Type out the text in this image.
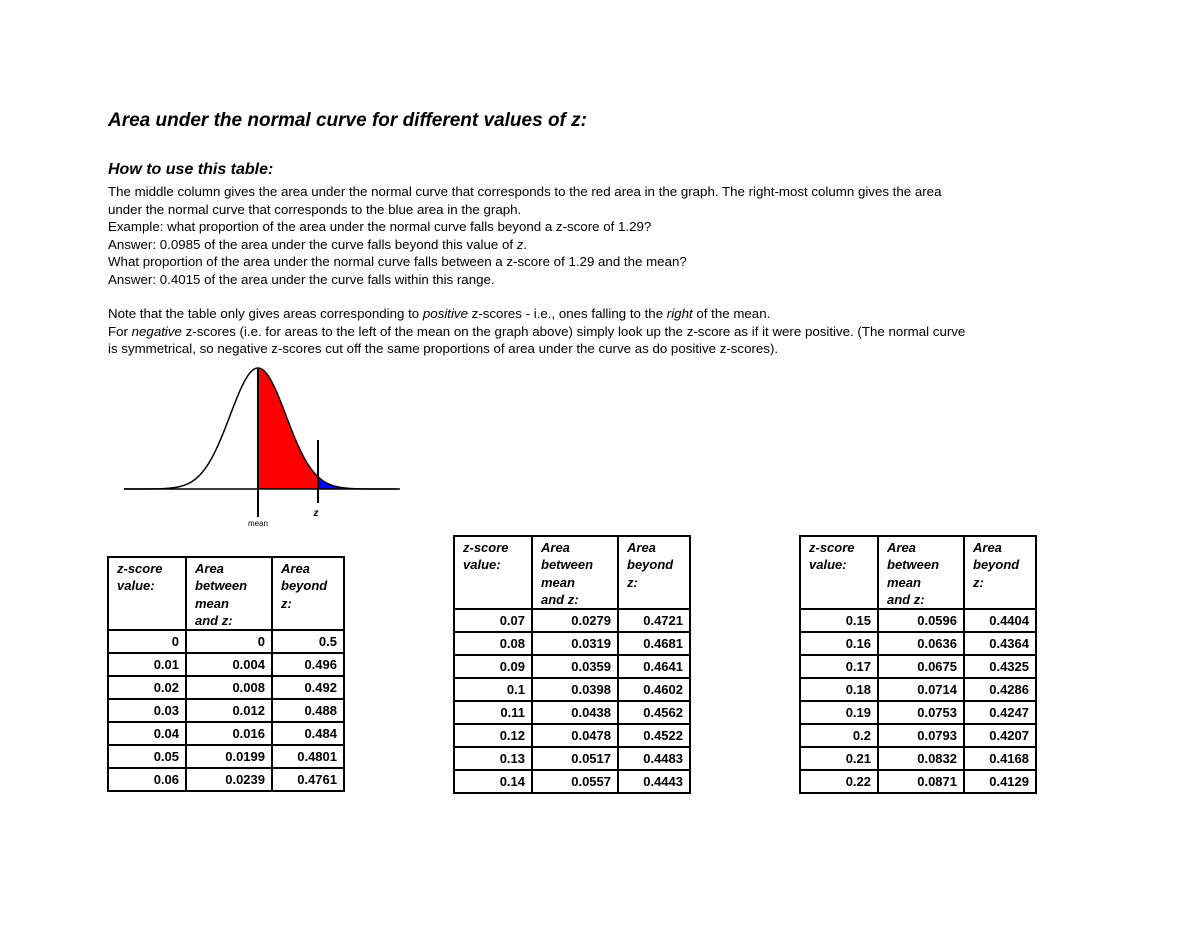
Area under the normal curve for different values of z:
How to use this table:
The middle column gives the area under the normal curve that corresponds to the red area in the graph. The right-most column gives the area
under the normal curve that corresponds to the blue area in the graph.
Example: what proportion of the area under the normal curve falls beyond a z-score of 1.29?
Answer: 0.0985 of the area under the curve falls beyond this value of z.
What proportion of the area under the normal curve falls between a z-score of 1.29 and the mean?
Answer: 0.4015 of the area under the curve falls within this range.
Note that the table only gives areas corresponding to positive z-scores - i.e., ones falling to the right of the mean.
For negative z-scores (i.e. for areas to the left of the mean on the graph above) simply look up the z-score as if it were positive. (The normal curve
is symmetrical, so negative z-scores cut off the same proportions of area under the curve as do positive z-scores).
mean
z
z-score
value:	Area
between
mean
and z:	Area
beyond
z:
0	0	0.5
0.01	0.004	0.496
0.02	0.008	0.492
0.03	0.012	0.488
0.04	0.016	0.484
0.05	0.0199	0.4801
0.06	0.0239	0.4761
z-score
value:	Area
between
mean
and z:	Area
beyond
z:
0.07	0.0279	0.4721
0.08	0.0319	0.4681
0.09	0.0359	0.4641
0.1	0.0398	0.4602
0.11	0.0438	0.4562
0.12	0.0478	0.4522
0.13	0.0517	0.4483
0.14	0.0557	0.4443
z-score
value:	Area
between
mean
and z:	Area
beyond
z:
0.15	0.0596	0.4404
0.16	0.0636	0.4364
0.17	0.0675	0.4325
0.18	0.0714	0.4286
0.19	0.0753	0.4247
0.2	0.0793	0.4207
0.21	0.0832	0.4168
0.22	0.0871	0.4129
